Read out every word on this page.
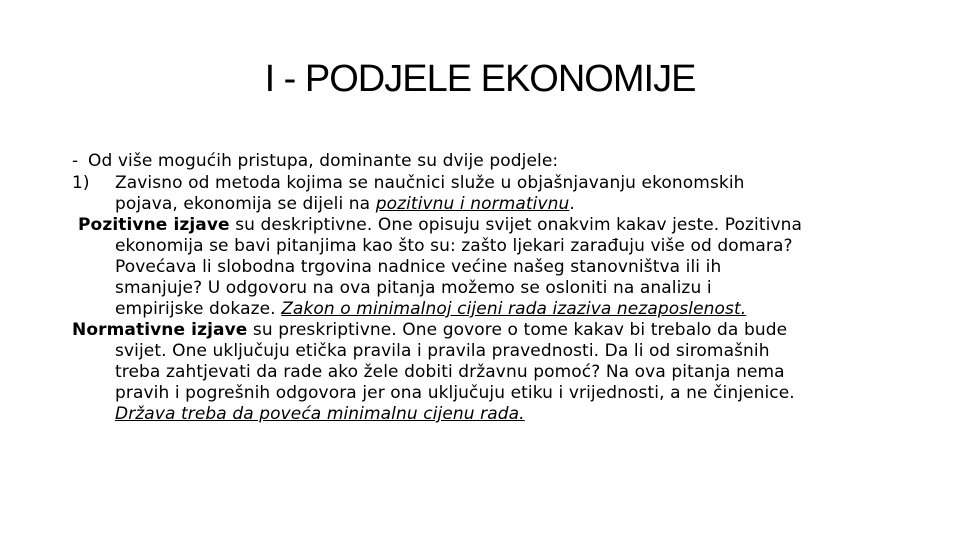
I - PODJELE EKONOMIJE
- Od više mogućih pristupa, dominante su dvije podjele:
1) Zavisno od metoda kojima se naučnici služe u objašnjavanju ekonomskih
pojava, ekonomija se dijeli na pozitivnu i normativnu.
Pozitivne izjave su deskriptivne. One opisuju svijet onakvim kakav jeste. Pozitivna
ekonomija se bavi pitanjima kao što su: zašto ljekari zarađuju više od domara?
Povećava li slobodna trgovina nadnice većine našeg stanovništva ili ih
smanjuje? U odgovoru na ova pitanja možemo se osloniti na analizu i
empirijske dokaze. Zakon o minimalnoj cijeni rada izaziva nezaposlenost.
Normativne izjave su preskriptivne. One govore o tome kakav bi trebalo da bude
svijet. One uključuju etička pravila i pravila pravednosti. Da li od siromašnih
treba zahtjevati da rade ako žele dobiti državnu pomoć? Na ova pitanja nema
pravih i pogrešnih odgovora jer ona uključuju etiku i vrijednosti, a ne činjenice.
Država treba da poveća minimalnu cijenu rada.
